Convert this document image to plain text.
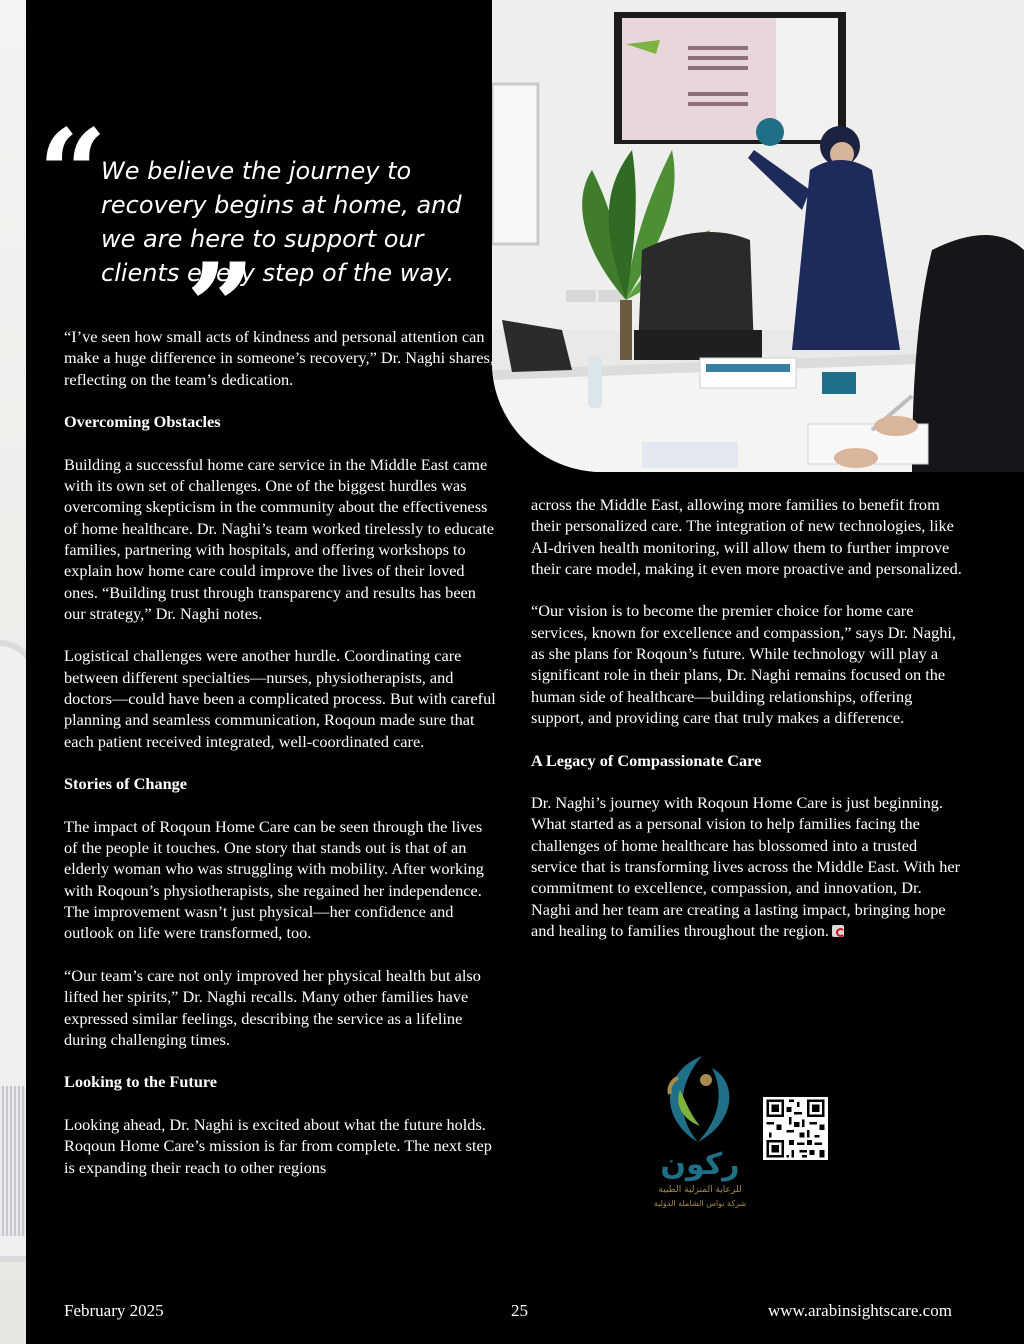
“

We believe the journey to recovery begins at home, and we are here to support our clients every step of the way.

”

“I’ve seen how small acts of kindness and personal attention can make a huge difference in someone’s recovery,” Dr. Naghi shares, reflecting on the team’s dedication.

Overcoming Obstacles

Building a successful home care service in the Middle East came with its own set of challenges. One of the biggest hurdles was overcoming skepticism in the community about the effectiveness of home healthcare. Dr. Naghi’s team worked tirelessly to educate families, partnering with hospitals, and offering workshops to explain how home care could improve the lives of their loved ones. “Building trust through transparency and results has been our strategy,” Dr. Naghi notes.

Logistical challenges were another hurdle. Coordinating care between different specialties—nurses, physiotherapists, and doctors—could have been a complicated process. But with careful planning and seamless communication, Roqoun made sure that each patient received integrated, well-coordinated care.

Stories of Change

The impact of Roqoun Home Care can be seen through the lives of the people it touches. One story that stands out is that of an elderly woman who was struggling with mobility. After working with Roqoun’s physiotherapists, she regained her independence. The improvement wasn’t just physical—her confidence and outlook on life were transformed, too.

“Our team’s care not only improved her physical health but also lifted her spirits,” Dr. Naghi recalls. Many other families have expressed similar feelings, describing the service as a lifeline during challenging times.

Looking to the Future

Looking ahead, Dr. Naghi is excited about what the future holds. Roqoun Home Care’s mission is far from complete. The next step is expanding their reach to other regions

across the Middle East, allowing more families to benefit from their personalized care. The integration of new technologies, like AI-driven health monitoring, will allow them to further improve their care model, making it even more proactive and personalized.

“Our vision is to become the premier choice for home care services, known for excellence and compassion,” says Dr. Naghi, as she plans for Roqoun’s future. While technology will play a significant role in their plans, Dr. Naghi remains focused on the human side of healthcare—building relationships, offering support, and providing care that truly makes a difference.

A Legacy of Compassionate Care

Dr. Naghi’s journey with Roqoun Home Care is just beginning. What started as a personal vision to help families facing the challenges of home healthcare has blossomed into a trusted service that is transforming lives across the Middle East. With her commitment to excellence, compassion, and innovation, Dr. Naghi and her team are creating a lasting impact, bringing hope and healing to families throughout the region.

ركون
للرعاية المنزلية الطبية
شركة نواس الشاملة الدولية
February 2025	25	www.arabinsightscare.com
